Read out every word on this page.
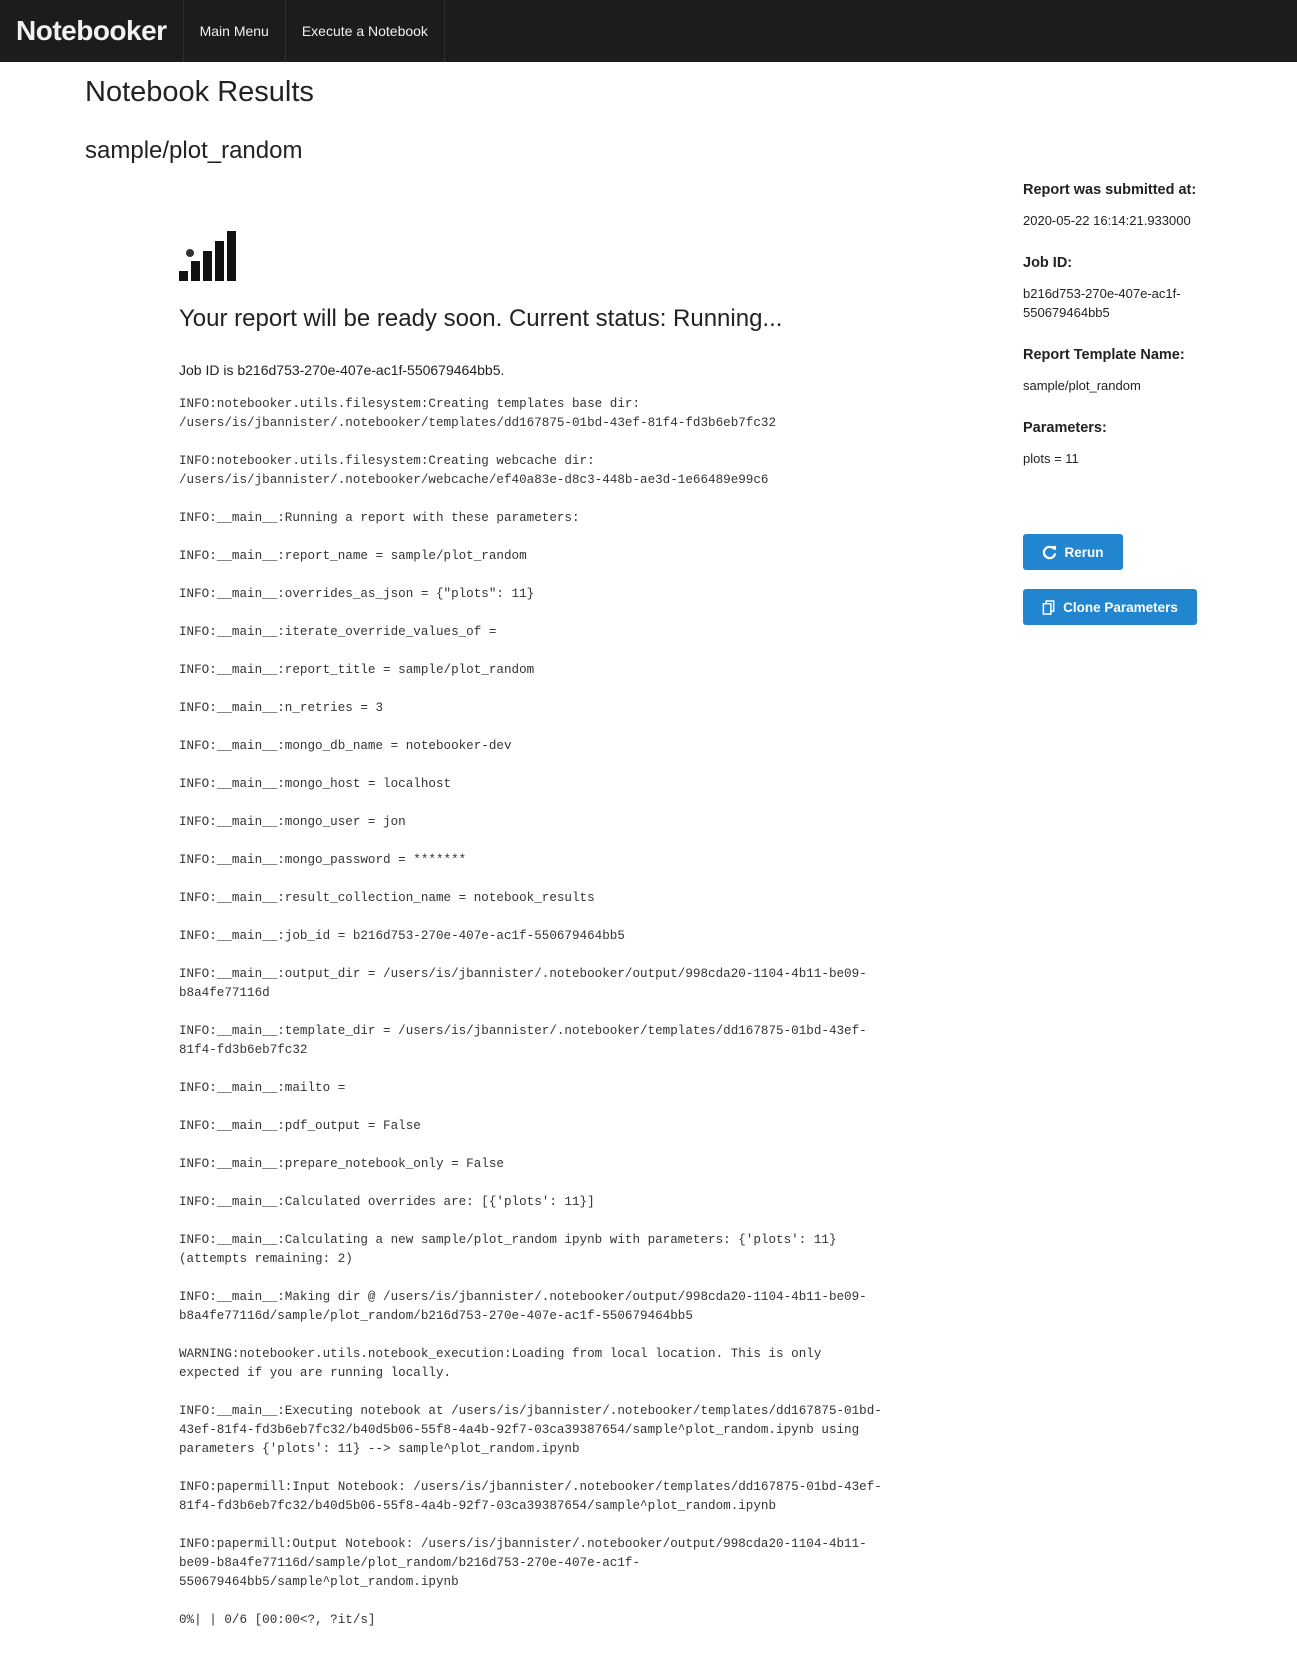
Notebooker	Main Menu	Execute a Notebook
Notebook Results
sample/plot_random
Your report will be ready soon. Current status: Running...
Job ID is b216d753-270e-407e-ac1f-550679464bb5.
INFO:notebooker.utils.filesystem:Creating templates base dir:
/users/is/jbannister/.notebooker/templates/dd167875-01bd-43ef-81f4-fd3b6eb7fc32
INFO:notebooker.utils.filesystem:Creating webcache dir:
/users/is/jbannister/.notebooker/webcache/ef40a83e-d8c3-448b-ae3d-1e66489e99c6
INFO:__main__:Running a report with these parameters:
INFO:__main__:report_name = sample/plot_random
INFO:__main__:overrides_as_json = {"plots": 11}
INFO:__main__:iterate_override_values_of =
INFO:__main__:report_title = sample/plot_random
INFO:__main__:n_retries = 3
INFO:__main__:mongo_db_name = notebooker-dev
INFO:__main__:mongo_host = localhost
INFO:__main__:mongo_user = jon
INFO:__main__:mongo_password = *******
INFO:__main__:result_collection_name = notebook_results
INFO:__main__:job_id = b216d753-270e-407e-ac1f-550679464bb5
INFO:__main__:output_dir = /users/is/jbannister/.notebooker/output/998cda20-1104-4b11-be09-
b8a4fe77116d
INFO:__main__:template_dir = /users/is/jbannister/.notebooker/templates/dd167875-01bd-43ef-
81f4-fd3b6eb7fc32
INFO:__main__:mailto =
INFO:__main__:pdf_output = False
INFO:__main__:prepare_notebook_only = False
INFO:__main__:Calculated overrides are: [{'plots': 11}]
INFO:__main__:Calculating a new sample/plot_random ipynb with parameters: {'plots': 11}
(attempts remaining: 2)
INFO:__main__:Making dir @ /users/is/jbannister/.notebooker/output/998cda20-1104-4b11-be09-
b8a4fe77116d/sample/plot_random/b216d753-270e-407e-ac1f-550679464bb5
WARNING:notebooker.utils.notebook_execution:Loading from local location. This is only
expected if you are running locally.
INFO:__main__:Executing notebook at /users/is/jbannister/.notebooker/templates/dd167875-01bd-
43ef-81f4-fd3b6eb7fc32/b40d5b06-55f8-4a4b-92f7-03ca39387654/sample^plot_random.ipynb using
parameters {'plots': 11} --> sample^plot_random.ipynb
INFO:papermill:Input Notebook: /users/is/jbannister/.notebooker/templates/dd167875-01bd-43ef-
81f4-fd3b6eb7fc32/b40d5b06-55f8-4a4b-92f7-03ca39387654/sample^plot_random.ipynb
INFO:papermill:Output Notebook: /users/is/jbannister/.notebooker/output/998cda20-1104-4b11-
be09-b8a4fe77116d/sample/plot_random/b216d753-270e-407e-ac1f-
550679464bb5/sample^plot_random.ipynb
0%| | 0/6 [00:00<?, ?it/s]

Report was submitted at:

2020-05-22 16:14:21.933000

Job ID:

b216d753-270e-407e-ac1f-
550679464bb5

Report Template Name:

sample/plot_random

Parameters:

plots = 11

Rerun
Clone Parameters
